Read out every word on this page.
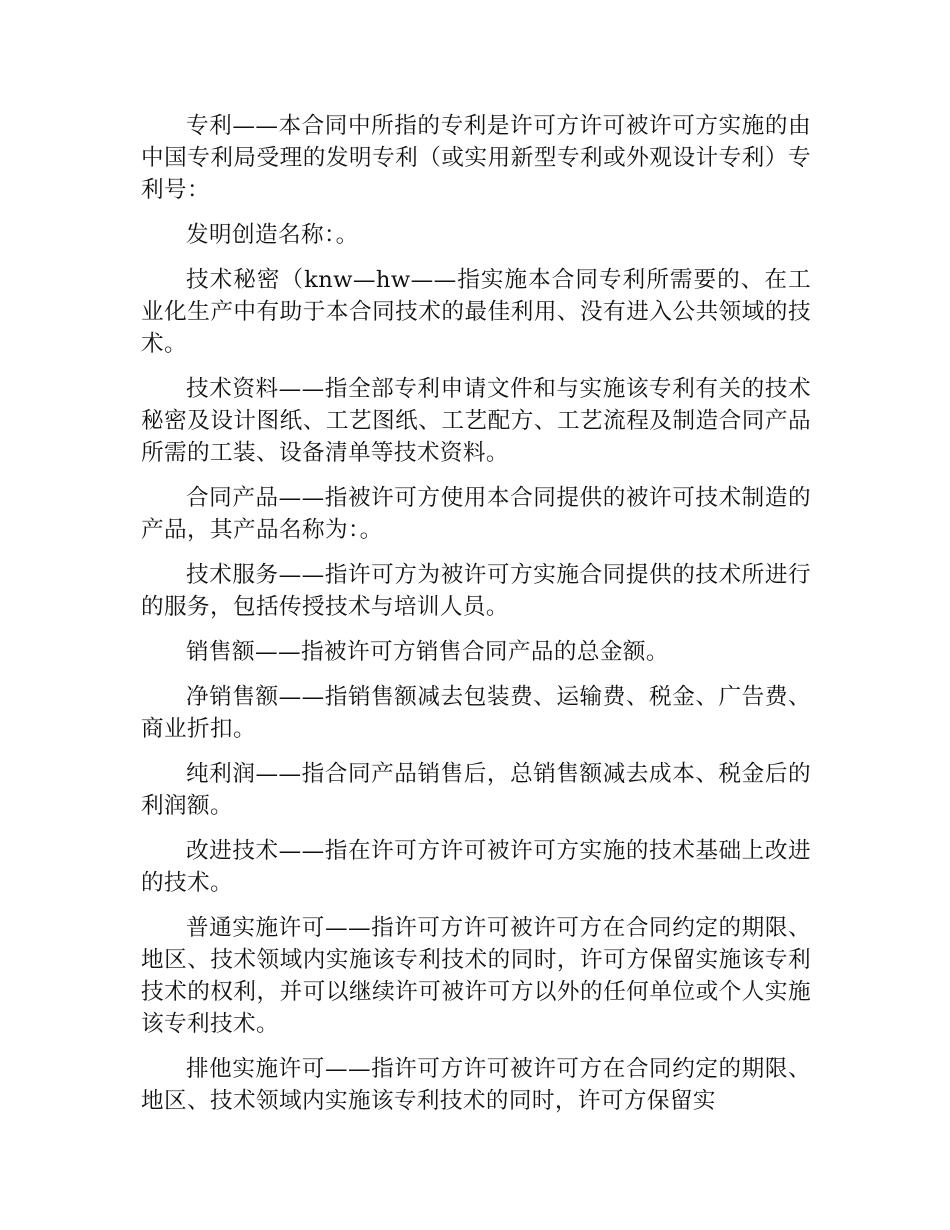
专利——本合同中所指的专利是许可方许可被许可方实施的由中国专利局受理的发明专利（或实用新型专利或外观设计专利）专利号：

发明创造名称：。

技术秘密（knw—hw——指实施本合同专利所需要的、在工业化生产中有助于本合同技术的最佳利用、没有进入公共领域的技术。

技术资料——指全部专利申请文件和与实施该专利有关的技术秘密及设计图纸、工艺图纸、工艺配方、工艺流程及制造合同产品所需的工装、设备清单等技术资料。

合同产品——指被许可方使用本合同提供的被许可技术制造的产品，其产品名称为：。

技术服务——指许可方为被许可方实施合同提供的技术所进行的服务，包括传授技术与培训人员。

销售额——指被许可方销售合同产品的总金额。

净销售额——指销售额减去包装费、运输费、税金、广告费、商业折扣。

纯利润——指合同产品销售后，总销售额减去成本、税金后的利润额。

改进技术——指在许可方许可被许可方实施的技术基础上改进的技术。

普通实施许可——指许可方许可被许可方在合同约定的期限、地区、技术领域内实施该专利技术的同时，许可方保留实施该专利技术的权利，并可以继续许可被许可方以外的任何单位或个人实施该专利技术。

排他实施许可——指许可方许可被许可方在合同约定的期限、地区、技术领域内实施该专利技术的同时，许可方保留实
